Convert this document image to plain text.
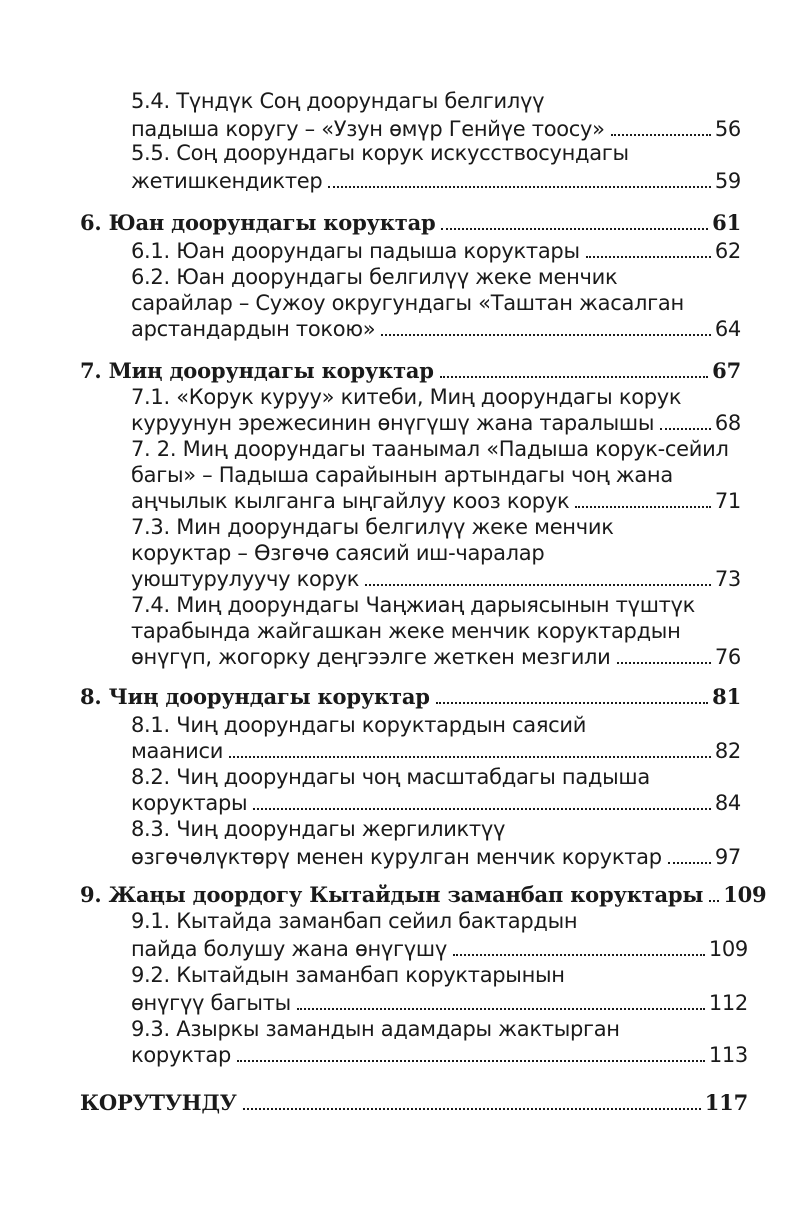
5.4. Түндүк Соң доорундагы белгилүү
падыша коругу – «Узун өмүр Генйүе тоосу»	56
5.5. Соң доорундагы корук искусствосундагы
жетишкендиктер	59
6. Юан доорундагы коруктар	61
6.1. Юан доорундагы падыша коруктары	62
6.2. Юан доорундагы белгилүү жеке менчик
сарайлар – Сужоу округундагы «Таштан жасалган
арстандардын токою»	64
7. Миң доорундагы коруктар	67
7.1. «Корук куруу» китеби, Миң доорундагы корук
куруунун эрежесинин өнүгүшү жана таралышы	68
7. 2. Миң доорундагы таанымал «Падыша корук-сейил
багы» – Падыша сарайынын артындагы чоң жана
аңчылык кылганга ыңгайлуу кооз корук	71
7.3. Мин доорундагы белгилүү жеке менчик
коруктар – Өзгөчө саясий иш-чаралар
уюштурулуучу корук	73
7.4. Миң доорундагы Чаңжиаң дарыясынын түштүк
тарабында жайгашкан жеке менчик коруктардын
өнүгүп, жогорку деңгээлге жеткен мезгили	76
8. Чиң доорундагы коруктар	81
8.1. Чиң доорундагы коруктардын саясий
мааниси	82
8.2. Чиң доорундагы чоң масштабдагы падыша
коруктары	84
8.3. Чиң доорундагы жергиликтүү
өзгөчөлүктөрү менен курулган менчик коруктар	97
9. Жаңы доордогу Кытайдын заманбап коруктары 109
9.1. Кытайда заманбап сейил бактардын
пайда болушу жана өнүгүшү	109
9.2. Кытайдын заманбап коруктарынын
өнүгүү багыты	112
9.3. Азыркы замандын адамдары жактырган
коруктар	113
КОРУТУНДУ	117
